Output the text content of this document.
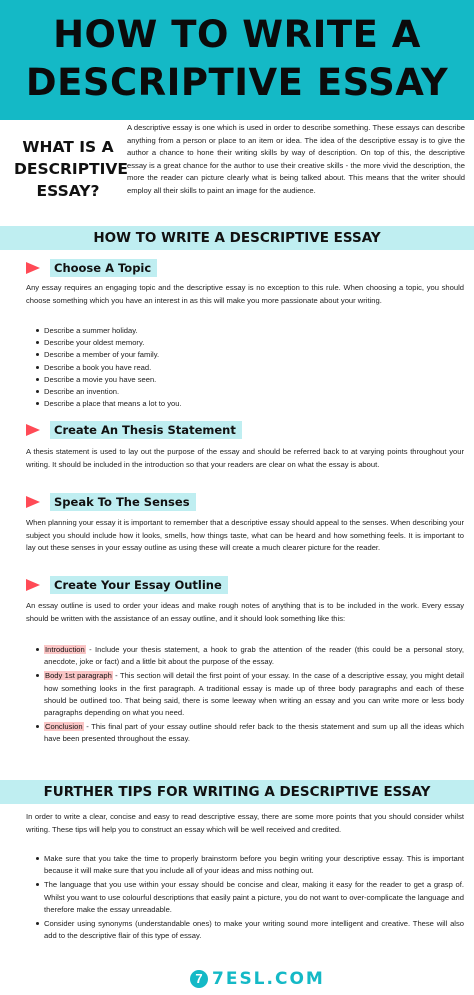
HOW TO WRITE A
DESCRIPTIVE ESSAY
WHAT IS A
DESCRIPTIVE
ESSAY?
A descriptive essay is one which is used in order to describe something. These essays can describe anything from a person or place to an item or idea. The idea of the descriptive essay is to give the author a chance to hone their writing skills by way of description. On top of this, the descriptive essay is a great chance for the author to use their creative skills - the more vivid the description, the more the reader can picture clearly what is being talked about. This means that the writer should employ all their skills to paint an image for the audience.
HOW TO WRITE A DESCRIPTIVE ESSAY
Choose A Topic
Any essay requires an engaging topic and the descriptive essay is no exception to this rule. When choosing a topic, you should choose something which you have an interest in as this will make you more passionate about your writing.
Describe a summer holiday.
Describe your oldest memory.
Describe a member of your family.
Describe a book you have read.
Describe a movie you have seen.
Describe an invention.
Describe a place that means a lot to you.
Create An Thesis Statement
A thesis statement is used to lay out the purpose of the essay and should be referred back to at varying points throughout your writing. It should be included in the introduction so that your readers are clear on what the essay is about.
Speak To The Senses
When planning your essay it is important to remember that a descriptive essay should appeal to the senses. When describing your subject you should include how it looks, smells, how things taste, what can be heard and how something feels. It is important to lay out these senses in your essay outline as using these will create a much clearer picture for the reader.
Create Your Essay Outline
An essay outline is used to order your ideas and make rough notes of anything that is to be included in the work. Every essay should be written with the assistance of an essay outline, and it should look something like this:
Introduction - Include your thesis statement, a hook to grab the attention of the reader (this could be a personal story, anecdote, joke or fact) and a little bit about the purpose of the essay.
Body 1st paragraph - This section will detail the first point of your essay. In the case of a descriptive essay, you might detail how something looks in the first paragraph. A traditional essay is made up of three body paragraphs and each of these should be outlined too. That being said, there is some leeway when writing an essay and you can write more or less body paragraphs depending on what you need.
Conclusion - This final part of your essay outline should refer back to the thesis statement and sum up all the ideas which have been presented throughout the essay.
FURTHER TIPS FOR WRITING A DESCRIPTIVE ESSAY
In order to write a clear, concise and easy to read descriptive essay, there are some more points that you should consider whilst writing. These tips will help you to construct an essay which will be well received and credited.
Make sure that you take the time to properly brainstorm before you begin writing your descriptive essay. This is important because it will make sure that you include all of your ideas and miss nothing out.
The language that you use within your essay should be concise and clear, making it easy for the reader to get a grasp of. Whilst you want to use colourful descriptions that easily paint a picture, you do not want to over-complicate the language and therefore make the essay unreadable.
Consider using synonyms (understandable ones) to make your writing sound more intelligent and creative. These will also add to the descriptive flair of this type of essay.
7 7ESL.COM
